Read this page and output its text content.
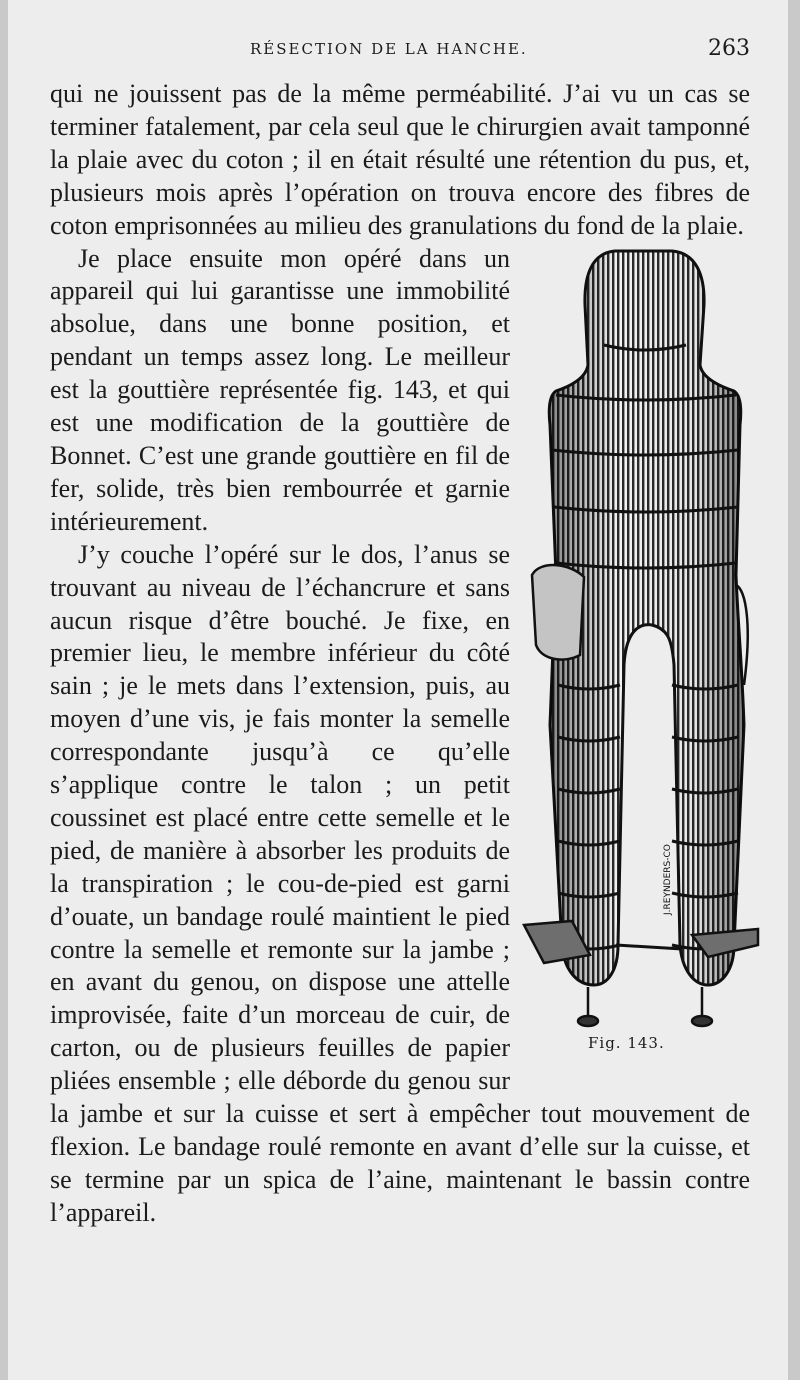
RÉSECTION DE LA HANCHE.	263

qui ne jouissent pas de la même perméabilité. J’ai vu un cas se terminer fatalement, par cela seul que le chirurgien avait tamponné la plaie avec du coton ; il en était résulté une rétention du pus, et, plusieurs mois après l’opération on trouva encore des fibres de coton emprisonnées au milieu des granulations du fond de la plaie.

J.REYNDERS-CO
Fig. 143.

Je place ensuite mon opéré dans un appareil qui lui garantisse une immobilité absolue, dans une bonne position, et pendant un temps assez long. Le meilleur est la gouttière représentée fig. 143, et qui est une modification de la gouttière de Bonnet. C’est une grande gouttière en fil de fer, solide, très bien rembourrée et garnie intérieurement.

J’y couche l’opéré sur le dos, l’anus se trouvant au niveau de l’échancrure et sans aucun risque d’être bouché. Je fixe, en premier lieu, le membre inférieur du côté sain ; je le mets dans l’extension, puis, au moyen d’une vis, je fais monter la semelle correspondante jusqu’à ce qu’elle s’applique contre le talon ; un petit coussinet est placé entre cette semelle et le pied, de manière à absorber les produits de la transpiration ; le cou-de-pied est garni d’ouate, un bandage roulé maintient le pied contre la semelle et remonte sur la jambe ; en avant du genou, on dispose une attelle improvisée, faite d’un morceau de cuir, de carton, ou de plusieurs feuilles de papier pliées ensemble ; elle déborde du genou sur la jambe et sur la cuisse et sert à empêcher tout mouvement de flexion. Le bandage roulé remonte en avant d’elle sur la cuisse, et se termine par un spica de l’aine, maintenant le bassin contre l’appareil.
